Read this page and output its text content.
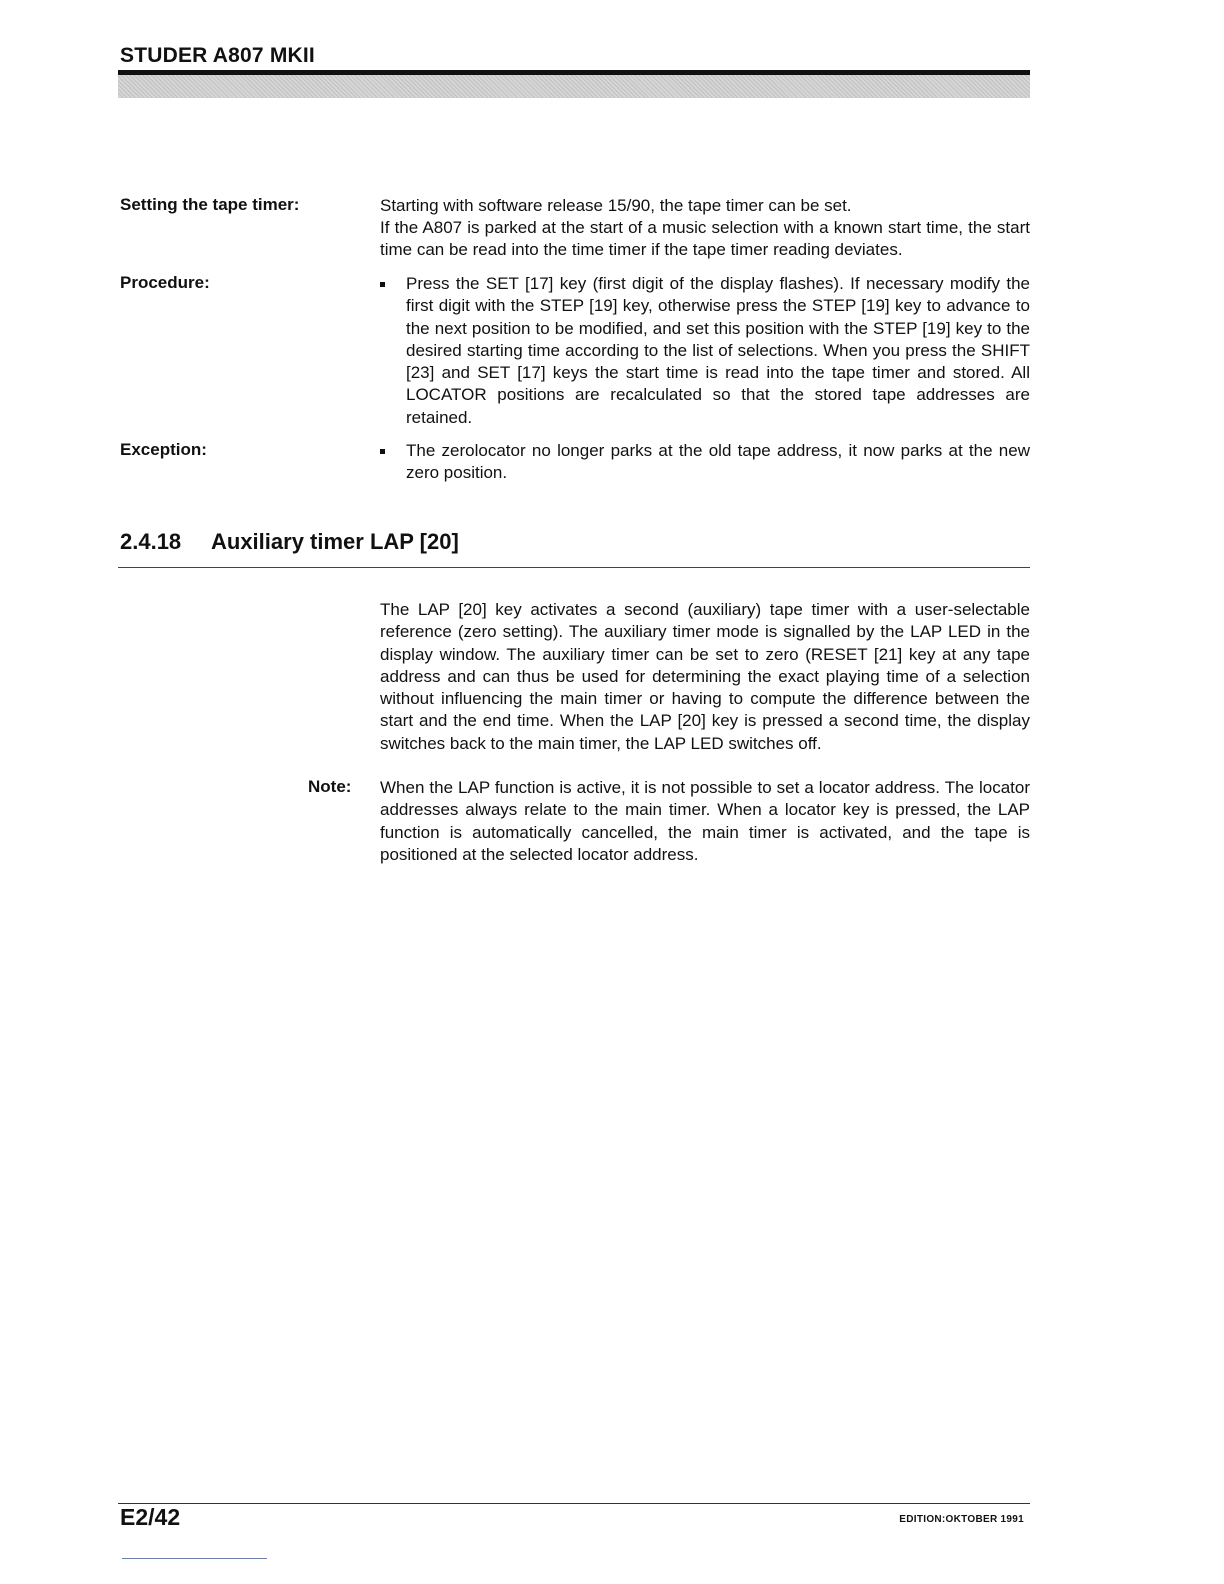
STUDER A807 MKII
Setting the tape timer:	Starting with software release 15/90, the tape timer can be set.

If the A807 is parked at the start of a music selection with a known start time, the start time can be read into the time timer if the tape timer reading deviates.

Procedure:	Press the SET [17] key (first digit of the display flashes). If necessary modify the first digit with the STEP [19] key, otherwise press the STEP [19] key to advance to the next position to be modified, and set this position with the STEP [19] key to the desired starting time according to the list of selections. When you press the SHIFT [23] and SET [17] keys the start time is read into the tape timer and stored. All LOCATOR positions are recalculated so that the stored tape addresses are retained.
Exception:	The zerolocator no longer parks at the old tape address, it now parks at the new zero position.
2.4.18 Auxiliary timer LAP [20]

The LAP [20] key activates a second (auxiliary) tape timer with a user-selectable reference (zero setting). The auxiliary timer mode is signalled by the LAP LED in the display window. The auxiliary timer can be set to zero (RESET [21] key at any tape address and can thus be used for determining the exact playing time of a selection without influencing the main timer or having to compute the difference between the start and the end time. When the LAP [20] key is pressed a second time, the display switches back to the main timer, the LAP LED switches off.

Note: When the LAP function is active, it is not possible to set a locator address. The locator addresses always relate to the main timer. When a locator key is pressed, the LAP function is automatically cancelled, the main timer is activated, and the tape is positioned at the selected locator address.

E2/42	EDITION:OKTOBER 1991
